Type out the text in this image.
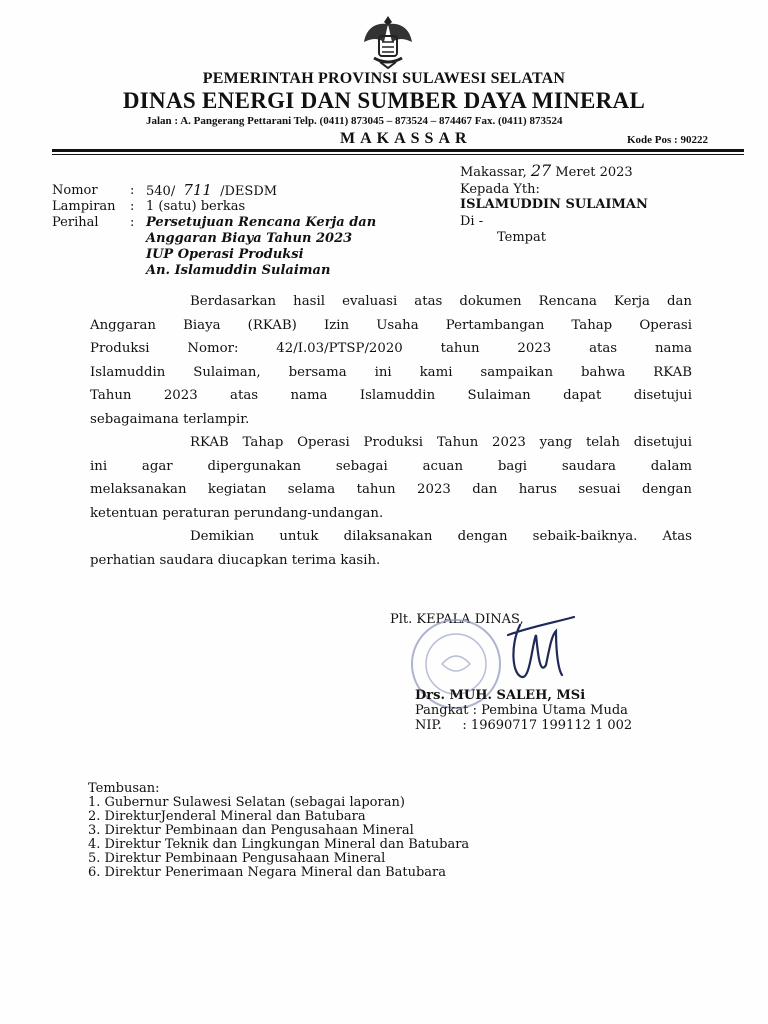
PEMERINTAH PROVINSI SULAWESI SELATAN
DINAS ENERGI DAN SUMBER DAYA MINERAL
Jalan : A. Pangerang Pettarani Telp. (0411) 873045 – 873524 – 874467 Fax. (0411) 873524
MAKASSAR	Kode Pos : 90222
Makassar, 27 Meret 2023
Kepada Yth:
ISLAMUDDIN SULAIMAN
Di -
Tempat
Nomor : 540/ 711 /DESDM
Lampiran : 1 (satu) berkas
Perihal : Persetujuan Rencana Kerja dan
Anggaran Biaya Tahun 2023
IUP Operasi Produksi
An. Islamuddin Sulaiman
Berdasarkan hasil evaluasi atas dokumen Rencana Kerja dan
Anggaran Biaya (RKAB) Izin Usaha Pertambangan Tahap Operasi
Produksi Nomor: 42/I.03/PTSP/2020 tahun 2023 atas nama
Islamuddin Sulaiman, bersama ini kami sampaikan bahwa RKAB
Tahun 2023 atas nama Islamuddin Sulaiman dapat disetujui
sebagaimana terlampir.
RKAB Tahap Operasi Produksi Tahun 2023 yang telah disetujui
ini agar dipergunakan sebagai acuan bagi saudara dalam
melaksanakan kegiatan selama tahun 2023 dan harus sesuai dengan
ketentuan peraturan perundang-undangan.
Demikian untuk dilaksanakan dengan sebaik-baiknya. Atas
perhatian saudara diucapkan terima kasih.
Plt. KEPALA DINAS,
Drs. MUH. SALEH, MSi
Pangkat : Pembina Utama Muda
NIP.     : 19690717 199112 1 002
Tembusan:
1. Gubernur Sulawesi Selatan (sebagai laporan)
2. DirekturJenderal Mineral dan Batubara
3. Direktur Pembinaan dan Pengusahaan Mineral
4. Direktur Teknik dan Lingkungan Mineral dan Batubara
5. Direktur Pembinaan Pengusahaan Mineral
6. Direktur Penerimaan Negara Mineral dan Batubara
